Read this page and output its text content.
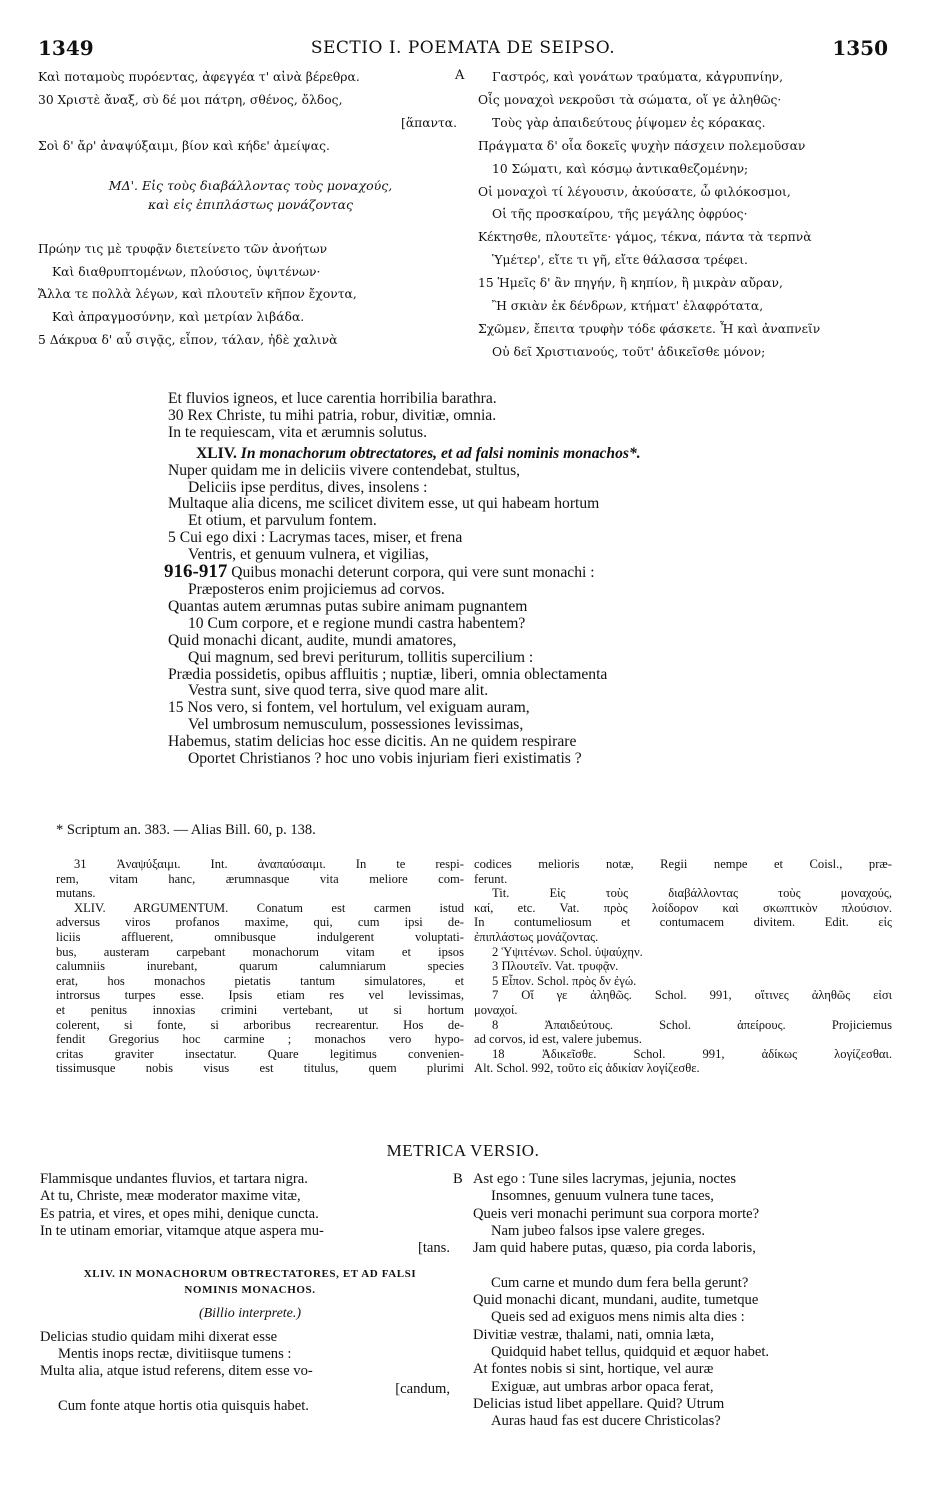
1349	SECTIO I. POEMATA DE SEIPSO.	1350
Καὶ ποταμοὺς πυρόεντας, ἀφεγγέα τ' αἰνὰ βέρεθρα.
30 Χριστὲ ἄναξ, σὺ δέ μοι πάτρη, σθένος, ὄλδος,
[ἅπαντα.
Σοὶ δ' ἄρ' ἀναψύξαιμι, βίον καὶ κήδε' ἀμείψας.
ΜΔ'. Εἰς τοὺς διαβάλλοντας τοὺς μοναχούς,
καὶ εἰς ἐπιπλάστως μονάζοντας
Πρώην τις μὲ τρυφᾷν διετείνετο τῶν ἀνοήτων
Καὶ διαθρυπτομένων, πλούσιος, ὑψιτένων·
Ἄλλα τε πολλὰ λέγων, καὶ πλουτεῖν κῆπον ἔχοντα,
Καὶ ἀπραγμοσύνην, καὶ μετρίαν λιβάδα.
5 Δάκρυα δ' αὖ σιγᾷς, εἶπον, τάλαν, ἠδὲ χαλινὰ
A	Γαστρός, καὶ γονάτων τραύματα, κἀγρυπνίην,
Οἷς μοναχοὶ νεκροῦσι τὰ σώματα, οἵ γε ἀληθῶς·
Τοὺς γὰρ ἀπαιδεύτους ῥίψομεν ἐς κόρακας.
Πράγματα δ' οἷα δοκεῖς ψυχὴν πάσχειν πολεμοῦσαν
10 Σώματι, καὶ κόσμῳ ἀντικαθεζομένην;
Οἱ μοναχοὶ τί λέγουσιν, ἀκούσατε, ὦ φιλόκοσμοι,
Οἱ τῆς προσκαίρου, τῆς μεγάλης ὀφρύος·
Κέκτησθε, πλουτεῖτε· γάμος, τέκνα, πάντα τὰ τερπνὰ
Ὑμέτερ', εἴτε τι γῆ, εἴτε θάλασσα τρέφει.
15 Ἡμεῖς δ' ἂν πηγήν, ἢ κηπίον, ἢ μικρὰν αὔραν,
Ἢ σκιὰν ἐκ δένδρων, κτήματ' ἐλαφρότατα,
Σχῶμεν, ἔπειτα τρυφὴν τόδε φάσκετε. Ἦ καὶ ἀναπνεῖν
Οὐ δεῖ Χριστιανούς, τοῦτ' ἀδικεῖσθε μόνον;
Et fluvios igneos, et luce carentia horribilia barathra.
30 Rex Christe, tu mihi patria, robur, divitiæ, omnia.
In te requiescam, vita et ærumnis solutus.
XLIV. In monachorum obtrectatores, et ad falsi nominis monachos*.
Nuper quidam me in deliciis vivere contendebat, stultus,
Deliciis ipse perditus, dives, insolens :
Multaque alia dicens, me scilicet divitem esse, ut qui habeam hortum
Et otium, et parvulum fontem.
5 Cui ego dixi : Lacrymas taces, miser, et frena
Ventris, et genuum vulnera, et vigilias,
916-917 Quibus monachi deterunt corpora, qui vere sunt monachi :
Præposteros enim projiciemus ad corvos.
Quantas autem ærumnas putas subire animam pugnantem
10 Cum corpore, et e regione mundi castra habentem?
Quid monachi dicant, audite, mundi amatores,
Qui magnum, sed brevi periturum, tollitis supercilium :
Prædia possidetis, opibus affluitis ; nuptiæ, liberi, omnia oblectamenta
Vestra sunt, sive quod terra, sive quod mare alit.
15 Nos vero, si fontem, vel hortulum, vel exiguam auram,
Vel umbrosum nemusculum, possessiones levissimas,
Habemus, statim delicias hoc esse dicitis. An ne quidem respirare
Oportet Christianos ? hoc uno vobis injuriam fieri existimatis ?
* Scriptum an. 383. — Alias Bill. 60, p. 138.
31 Ἀναψύξαιμι. Int. ἀναπαύσαιμι. In te respi-
rem, vitam hanc, ærumnasque vita meliore com-
mutans.
XLIV. ARGUMENTUM. Conatum est carmen istud
adversus viros profanos maxime, qui, cum ipsi de-
liciis affluerent, omnibusque indulgerent voluptati-
bus, austeram carpebant monachorum vitam et ipsos
calumniis inurebant, quarum calumniarum species
erat, hos monachos pietatis tantum simulatores, et
introrsus turpes esse. Ipsis etiam res vel levissimas,
et penitus innoxias crimini vertebant, ut si hortum
colerent, si fonte, si arboribus recrearentur. Hos de-
fendit Gregorius hoc carmine ; monachos vero hypo-
critas graviter insectatur. Quare legitimus convenien-
tissimusque nobis visus est titulus, quem plurimi
codices melioris notæ, Regii nempe et Coisl., præ-
ferunt.
Tit. Εἰς τοὺς διαβάλλοντας τοὺς μοναχούς,
καί, etc. Vat. πρὸς λοίδορον καὶ σκωπτικὸν πλούσιον.
In contumeliosum et contumacem divitem. Edit. εἰς
ἐπιπλάστως μονάζοντας.
2 Ὑψιτένων. Schol. ὑψαύχην.
3 Πλουτεῖν. Vat. τρυφᾷν.
5 Εἶπον. Schol. πρὸς δν ἐγώ.
7 Οἵ γε ἀληθῶς. Schol. 991, οἵτινες ἀληθῶς εἰσι
μοναχοί.
8 Ἀπαιδεύτους. Schol. ἀπείρους. Projiciemus
ad corvos, id est, valere jubemus.
18 Ἀδικεῖσθε. Schol. 991, ἀδίκως λογίζεσθαι.
Alt. Schol. 992, τοῦτο εἰς ἀδικίαν λογίζεσθε.
METRICA VERSIO.
Flammisque undantes fluvios, et tartara nigra.
At tu, Christe, meæ moderator maxime vitæ,
Es patria, et vires, et opes mihi, denique cuncta.
In te utinam emoriar, vitamque atque aspera mu-
[tans.
XLIV. IN MONACHORUM OBTRECTATORES, ET AD FALSI
NOMINIS MONACHOS.
(Billio interprete.)
Delicias studio quidam mihi dixerat esse
Mentis inops rectæ, divitiisque tumens :
Multa alia, atque istud referens, ditem esse vo-
[candum,
Cum fonte atque hortis otia quisquis habet.
B Ast ego : Tune siles lacrymas, jejunia, noctes
Insomnes, genuum vulnera tune taces,
Queis veri monachi perimunt sua corpora morte?
Nam jubeo falsos ipse valere greges.
Jam quid habere putas, quæso, pia corda laboris,

Cum carne et mundo dum fera bella gerunt?
Quid monachi dicant, mundani, audite, tumetque
Queis sed ad exiguos mens nimis alta dies :
Divitiæ vestræ, thalami, nati, omnia læta,
Quidquid habet tellus, quidquid et æquor habet.
At fontes nobis si sint, hortique, vel auræ
Exiguæ, aut umbras arbor opaca ferat,
Delicias istud libet appellare. Quid? Utrum
Auras haud fas est ducere Christicolas?
